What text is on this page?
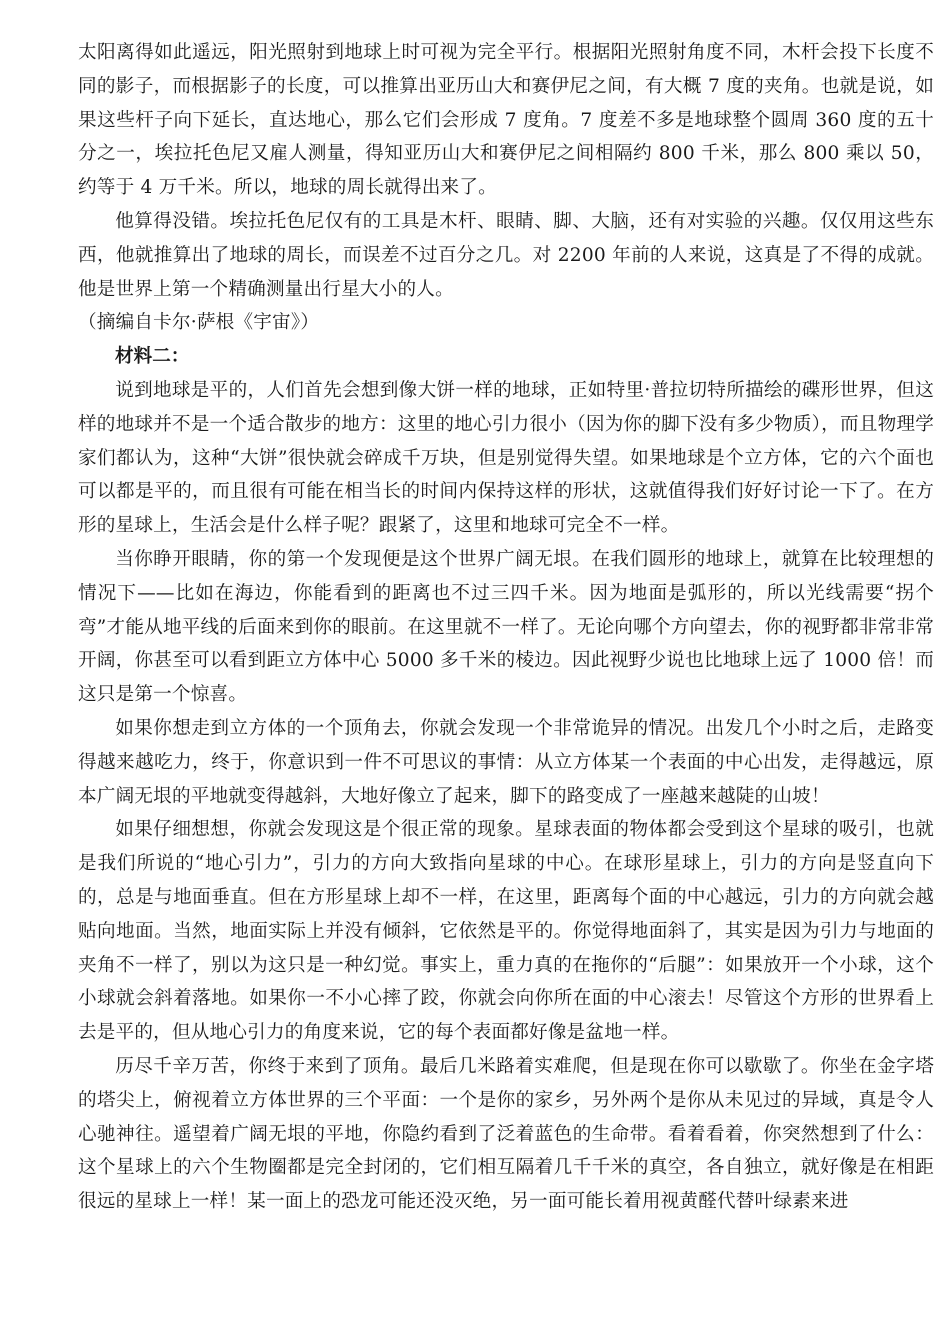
太阳离得如此遥远，阳光照射到地球上时可视为完全平行。根据阳光照射角度不同，木杆会投下长度不同的影子，而根据影子的长度，可以推算出亚历山大和赛伊尼之间，有大概 7 度的夹角。也就是说，如果这些杆子向下延长，直达地心，那么它们会形成 7 度角。7 度差不多是地球整个圆周 360 度的五十分之一，埃拉托色尼又雇人测量，得知亚历山大和赛伊尼之间相隔约 800 千米，那么 800 乘以 50，约等于 4 万千米。所以，地球的周长就得出来了。

他算得没错。埃拉托色尼仅有的工具是木杆、眼睛、脚、大脑，还有对实验的兴趣。仅仅用这些东西，他就推算出了地球的周长，而误差不过百分之几。对 2200 年前的人来说，这真是了不得的成就。他是世界上第一个精确测量出行星大小的人。

（摘编自卡尔·萨根《宇宙》）

材料二：

说到地球是平的，人们首先会想到像大饼一样的地球，正如特里·普拉切特所描绘的碟形世界，但这样的地球并不是一个适合散步的地方：这里的地心引力很小（因为你的脚下没有多少物质），而且物理学家们都认为，这种“大饼”很快就会碎成千万块，但是别觉得失望。如果地球是个立方体，它的六个面也可以都是平的，而且很有可能在相当长的时间内保持这样的形状，这就值得我们好好讨论一下了。在方形的星球上，生活会是什么样子呢？跟紧了，这里和地球可完全不一样。

当你睁开眼睛，你的第一个发现便是这个世界广阔无垠。在我们圆形的地球上，就算在比较理想的情况下——比如在海边，你能看到的距离也不过三四千米。因为地面是弧形的，所以光线需要“拐个弯”才能从地平线的后面来到你的眼前。在这里就不一样了。无论向哪个方向望去，你的视野都非常非常开阔，你甚至可以看到距立方体中心 5000 多千米的棱边。因此视野少说也比地球上远了 1000 倍！而这只是第一个惊喜。

如果你想走到立方体的一个顶角去，你就会发现一个非常诡异的情况。出发几个小时之后，走路变得越来越吃力，终于，你意识到一件不可思议的事情：从立方体某一个表面的中心出发，走得越远，原本广阔无垠的平地就变得越斜，大地好像立了起来，脚下的路变成了一座越来越陡的山坡！

如果仔细想想，你就会发现这是个很正常的现象。星球表面的物体都会受到这个星球的吸引，也就是我们所说的“地心引力”，引力的方向大致指向星球的中心。在球形星球上，引力的方向是竖直向下的，总是与地面垂直。但在方形星球上却不一样，在这里，距离每个面的中心越远，引力的方向就会越贴向地面。当然，地面实际上并没有倾斜，它依然是平的。你觉得地面斜了，其实是因为引力与地面的夹角不一样了，别以为这只是一种幻觉。事实上，重力真的在拖你的“后腿”：如果放开一个小球，这个小球就会斜着落地。如果你一不小心摔了跤，你就会向你所在面的中心滚去！尽管这个方形的世界看上去是平的，但从地心引力的角度来说，它的每个表面都好像是盆地一样。

历尽千辛万苦，你终于来到了顶角。最后几米路着实难爬，但是现在你可以歇歇了。你坐在金字塔的塔尖上，俯视着立方体世界的三个平面：一个是你的家乡，另外两个是你从未见过的异域，真是令人心驰神往。遥望着广阔无垠的平地，你隐约看到了泛着蓝色的生命带。看着看着，你突然想到了什么：这个星球上的六个生物圈都是完全封闭的，它们相互隔着几千千米的真空，各自独立，就好像是在相距很远的星球上一样！某一面上的恐龙可能还没灭绝，另一面可能长着用视黄醛代替叶绿素来进
